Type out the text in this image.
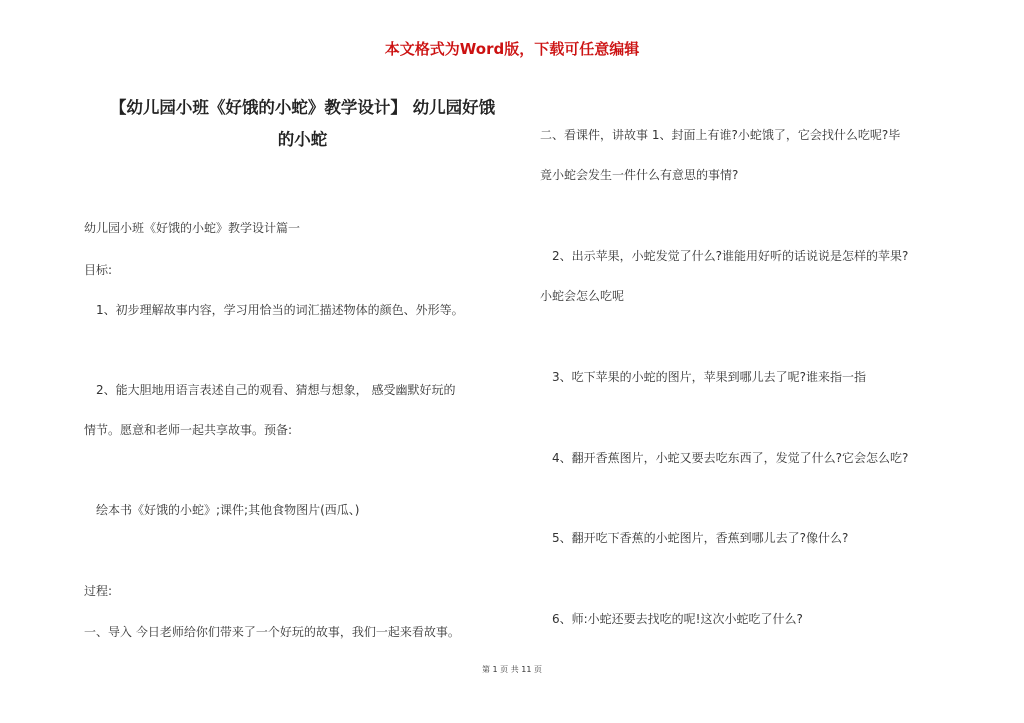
本文格式为Word版，下载可任意编辑
【幼儿园小班《好饿的小蛇》教学设计】 幼儿园好饿
的小蛇
幼儿园小班《好饿的小蛇》教学设计篇一
目标:
1、初步理解故事内容，学习用恰当的词汇描述物体的颜色、外形等。
2、能大胆地用语言表述自己的观看、猜想与想象， 感受幽默好玩的
情节。愿意和老师一起共享故事。预备:
绘本书《好饿的小蛇》;课件;其他食物图片(西瓜、)
过程:
一、导入 今日老师给你们带来了一个好玩的故事，我们一起来看故事。
二、看课件，讲故事 1、封面上有谁?小蛇饿了，它会找什么吃呢?毕
竟小蛇会发生一件什么有意思的事情?
2、出示苹果，小蛇发觉了什么?谁能用好听的话说说是怎样的苹果?
小蛇会怎么吃呢
3、吃下苹果的小蛇的图片，苹果到哪儿去了呢?谁来指一指
4、翻开香蕉图片，小蛇又要去吃东西了，发觉了什么?它会怎么吃?
5、翻开吃下香蕉的小蛇图片，香蕉到哪儿去了?像什么?
6、师:小蛇还要去找吃的呢!这次小蛇吃了什么?
第 1 页 共 11 页
